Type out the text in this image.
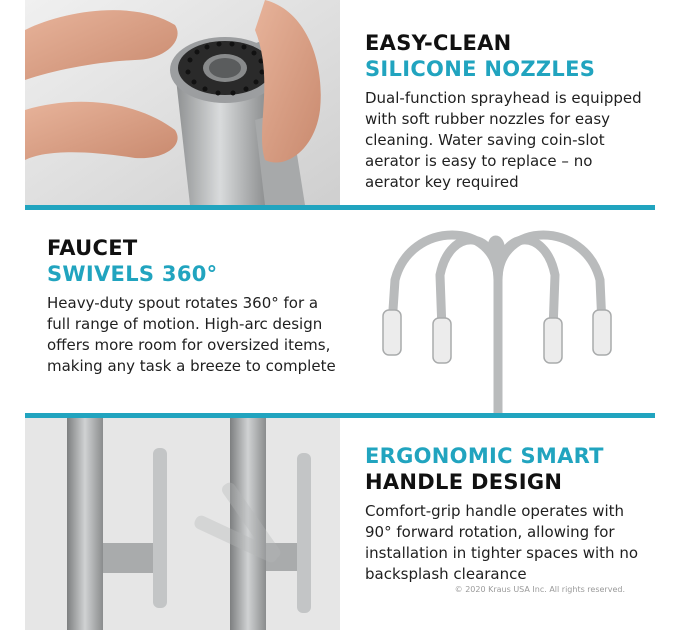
EASY-CLEAN
SILICONE NOZZLES
Dual-function sprayhead is equipped with soft rubber nozzles for easy cleaning. Water saving coin-slot aerator is easy to replace – no aerator key required
FAUCET
SWIVELS 360°
Heavy-duty spout rotates 360° for a full range of motion. High-arc design offers more room for oversized items, making any task a breeze to complete
ERGONOMIC SMART
HANDLE DESIGN
Comfort-grip handle operates with 90° forward rotation, allowing for installation in tighter spaces with no backsplash clearance
© 2020 Kraus USA Inc. All rights reserved.
